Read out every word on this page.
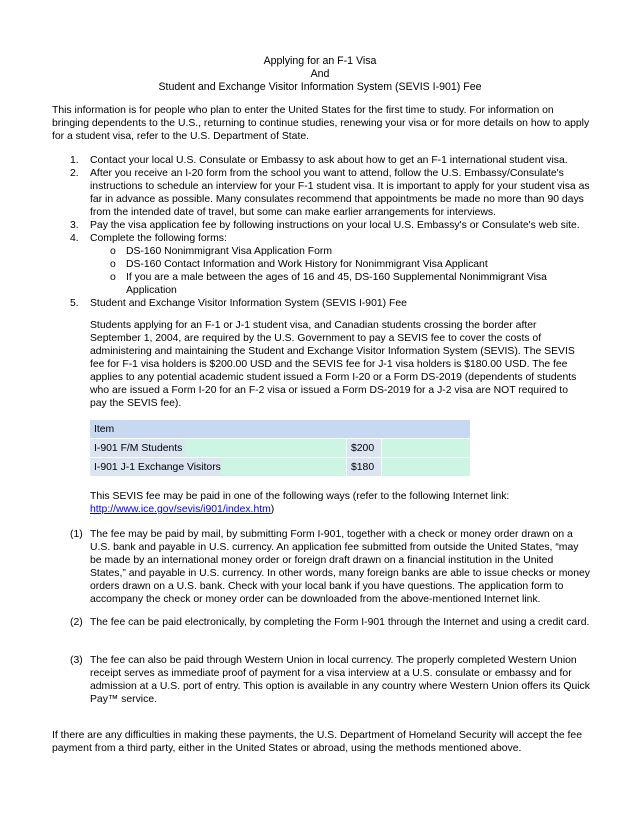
Applying for an F-1 Visa
And
Student and Exchange Visitor Information System (SEVIS I-901) Fee
This information is for people who plan to enter the United States for the first time to study. For information on bringing dependents to the U.S., returning to continue studies, renewing your visa or for more details on how to apply for a student visa, refer to the U.S. Department of State.
1.	Contact your local U.S. Consulate or Embassy to ask about how to get an F-1 international student visa.
2.	After you receive an I-20 form from the school you want to attend, follow the U.S. Embassy/Consulate's instructions to schedule an interview for your F-1 student visa. It is important to apply for your student visa as far in advance as possible. Many consulates recommend that appointments be made no more than 90 days from the intended date of travel, but some can make earlier arrangements for interviews.
3.	Pay the visa application fee by following instructions on your local U.S. Embassy's or Consulate's web site.
4.	Complete the following forms:
o DS-160 Nonimmigrant Visa Application Form
o DS-160 Contact Information and Work History for Nonimmigrant Visa Applicant
o If you are a male between the ages of 16 and 45, DS-160 Supplemental Nonimmigrant Visa Application
5.	Student and Exchange Visitor Information System (SEVIS I-901) Fee
Students applying for an F-1 or J-1 student visa, and Canadian students crossing the border after September 1, 2004, are required by the U.S. Government to pay a SEVIS fee to cover the costs of administering and maintaining the Student and Exchange Visitor Information System (SEVIS). The SEVIS fee for F-1 visa holders is $200.00 USD and the SEVIS fee for J-1 visa holders is $180.00 USD. The fee applies to any potential academic student issued a Form I-20 or a Form DS-2019 (dependents of students who are issued a Form I-20 for an F-2 visa or issued a Form DS-2019 for a J-2 visa are NOT required to pay the SEVIS fee).
Item		
I-901 F/M Students	$200	
I-901 J-1 Exchange Visitors	$180	
This SEVIS fee may be paid in one of the following ways (refer to the following Internet link:
http://www.ice.gov/sevis/i901/index.htm)
(1) The fee may be paid by mail, by submitting Form I-901, together with a check or money order drawn on a U.S. bank and payable in U.S. currency. An application fee submitted from outside the United States, “may be made by an international money order or foreign draft drawn on a financial institution in the United States,” and payable in U.S. currency. In other words, many foreign banks are able to issue checks or money orders drawn on a U.S. bank. Check with your local bank if you have questions. The application form to accompany the check or money order can be downloaded from the above-mentioned Internet link.
(2) The fee can be paid electronically, by completing the Form I-901 through the Internet and using a credit card.
(3) The fee can also be paid through Western Union in local currency. The properly completed Western Union receipt serves as immediate proof of payment for a visa interview at a U.S. consulate or embassy and for admission at a U.S. port of entry. This option is available in any country where Western Union offers its Quick Pay™ service.
If there are any difficulties in making these payments, the U.S. Department of Homeland Security will accept the fee payment from a third party, either in the United States or abroad, using the methods mentioned above.
